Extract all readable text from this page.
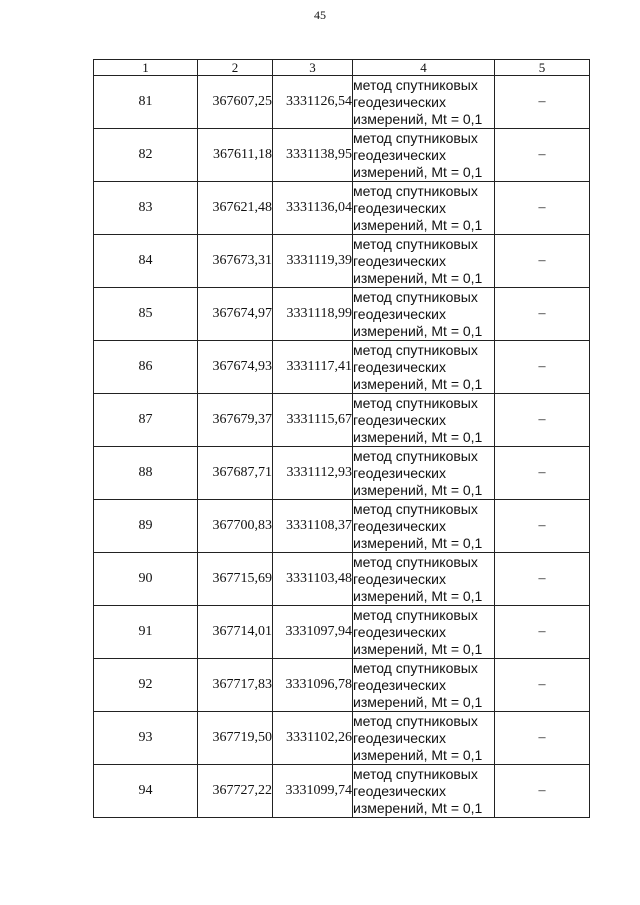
45
1	2	3	4	5
81	367607,25	3331126,54	метод спутниковых
геодезических
измерений, Mt = 0,1	–
82	367611,18	3331138,95	метод спутниковых
геодезических
измерений, Mt = 0,1	–
83	367621,48	3331136,04	метод спутниковых
геодезических
измерений, Mt = 0,1	–
84	367673,31	3331119,39	метод спутниковых
геодезических
измерений, Mt = 0,1	–
85	367674,97	3331118,99	метод спутниковых
геодезических
измерений, Mt = 0,1	–
86	367674,93	3331117,41	метод спутниковых
геодезических
измерений, Mt = 0,1	–
87	367679,37	3331115,67	метод спутниковых
геодезических
измерений, Mt = 0,1	–
88	367687,71	3331112,93	метод спутниковых
геодезических
измерений, Mt = 0,1	–
89	367700,83	3331108,37	метод спутниковых
геодезических
измерений, Mt = 0,1	–
90	367715,69	3331103,48	метод спутниковых
геодезических
измерений, Mt = 0,1	–
91	367714,01	3331097,94	метод спутниковых
геодезических
измерений, Mt = 0,1	–
92	367717,83	3331096,78	метод спутниковых
геодезических
измерений, Mt = 0,1	–
93	367719,50	3331102,26	метод спутниковых
геодезических
измерений, Mt = 0,1	–
94	367727,22	3331099,74	метод спутниковых
геодезических
измерений, Mt = 0,1	–
